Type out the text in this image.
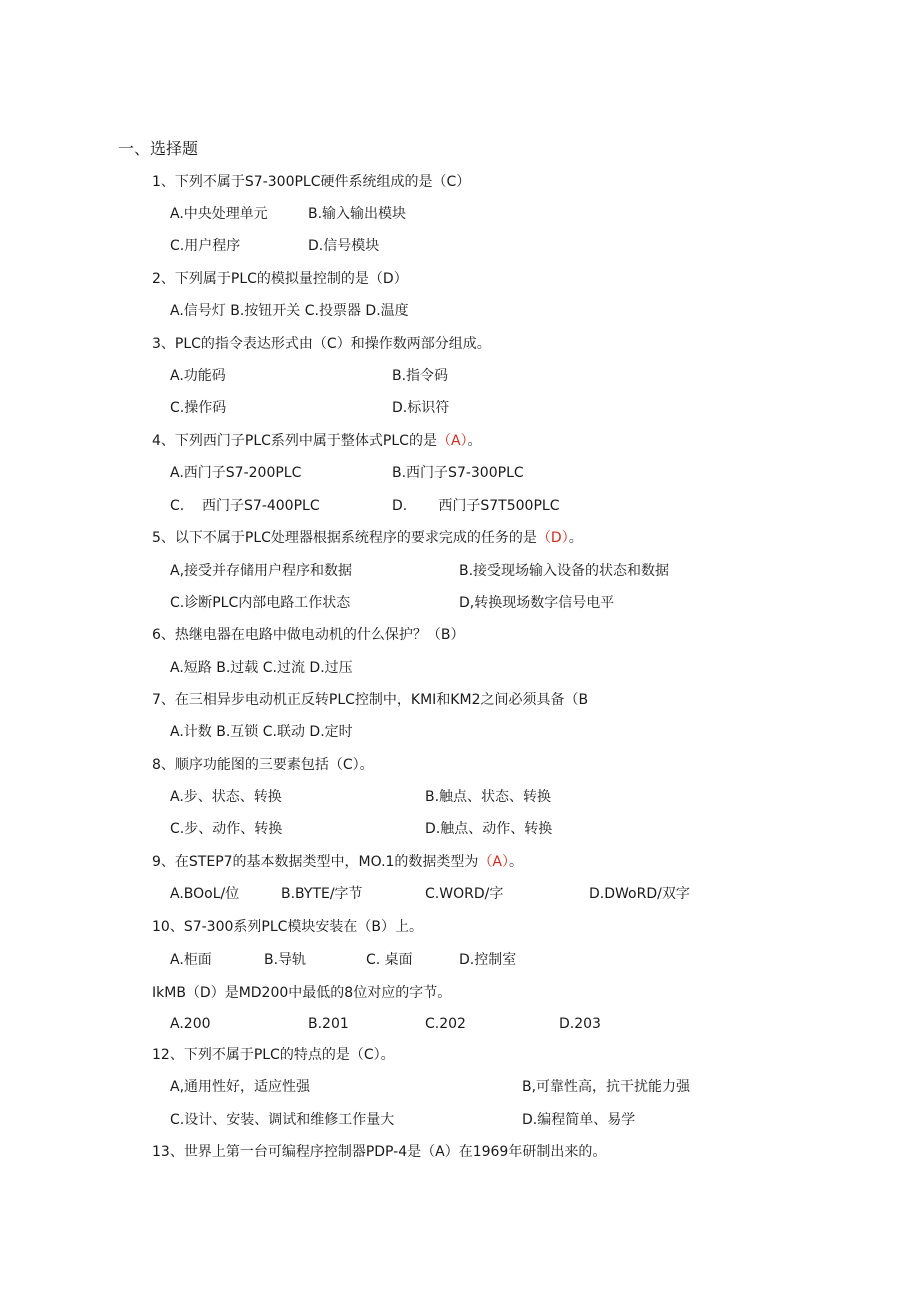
一、选择题
1、下列不属于S7-300PLC硬件系统组成的是（C）
A.中央处理单元	B.输入输出模块
C.用户程序	D.信号模块
2、下列属于PLC的模拟量控制的是（D）
A.信号灯 B.按钮开关 C.投票器 D.温度
3、PLC的指令表达形式由（C）和操作数两部分组成。
A.功能码	B.指令码
C.操作码	D.标识符
4、下列西门子PLC系列中属于整体式PLC的是（A）。
A.西门子S7-200PLC	B.西门子S7-300PLC
C.    西门子S7-400PLC	D.       西门子S7T500PLC
5、以下不属于PLC处理器根据系统程序的要求完成的任务的是（D）。
A,接受并存储用户程序和数据	B.接受现场输入设备的状态和数据
C.诊断PLC内部电路工作状态	D,转换现场数字信号电平
6、热继电器在电路中做电动机的什么保护？（B）
A.短路 B.过载 C.过流 D.过压
7、在三相异步电动机正反转PLC控制中，KMI和KM2之间必须具备（B
A.计数 B.互锁 C.联动 D.定时
8、顺序功能图的三要素包括（C）。
A.步、状态、转换	B.触点、状态、转换
C.步、动作、转换	D.触点、动作、转换
9、在STEP7的基本数据类型中，MO.1的数据类型为（A）。
A.BOoL/位	B.BYTE/字节	C.WORD/字	D.DWoRD/双字
10、S7-300系列PLC模块安装在（B）上。
A.柜面	B.导轨	C. 桌面	D.控制室
IkMB（D）是MD200中最低的8位对应的字节。
A.200	B.201	C.202	D.203
12、下列不属于PLC的特点的是（C）。
A,通用性好，适应性强	B,可靠性高，抗干扰能力强
C.设计、安装、调试和维修工作量大	D.编程简单、易学
13、世界上第一台可编程序控制器PDP-4是（A）在1969年研制出来的。
